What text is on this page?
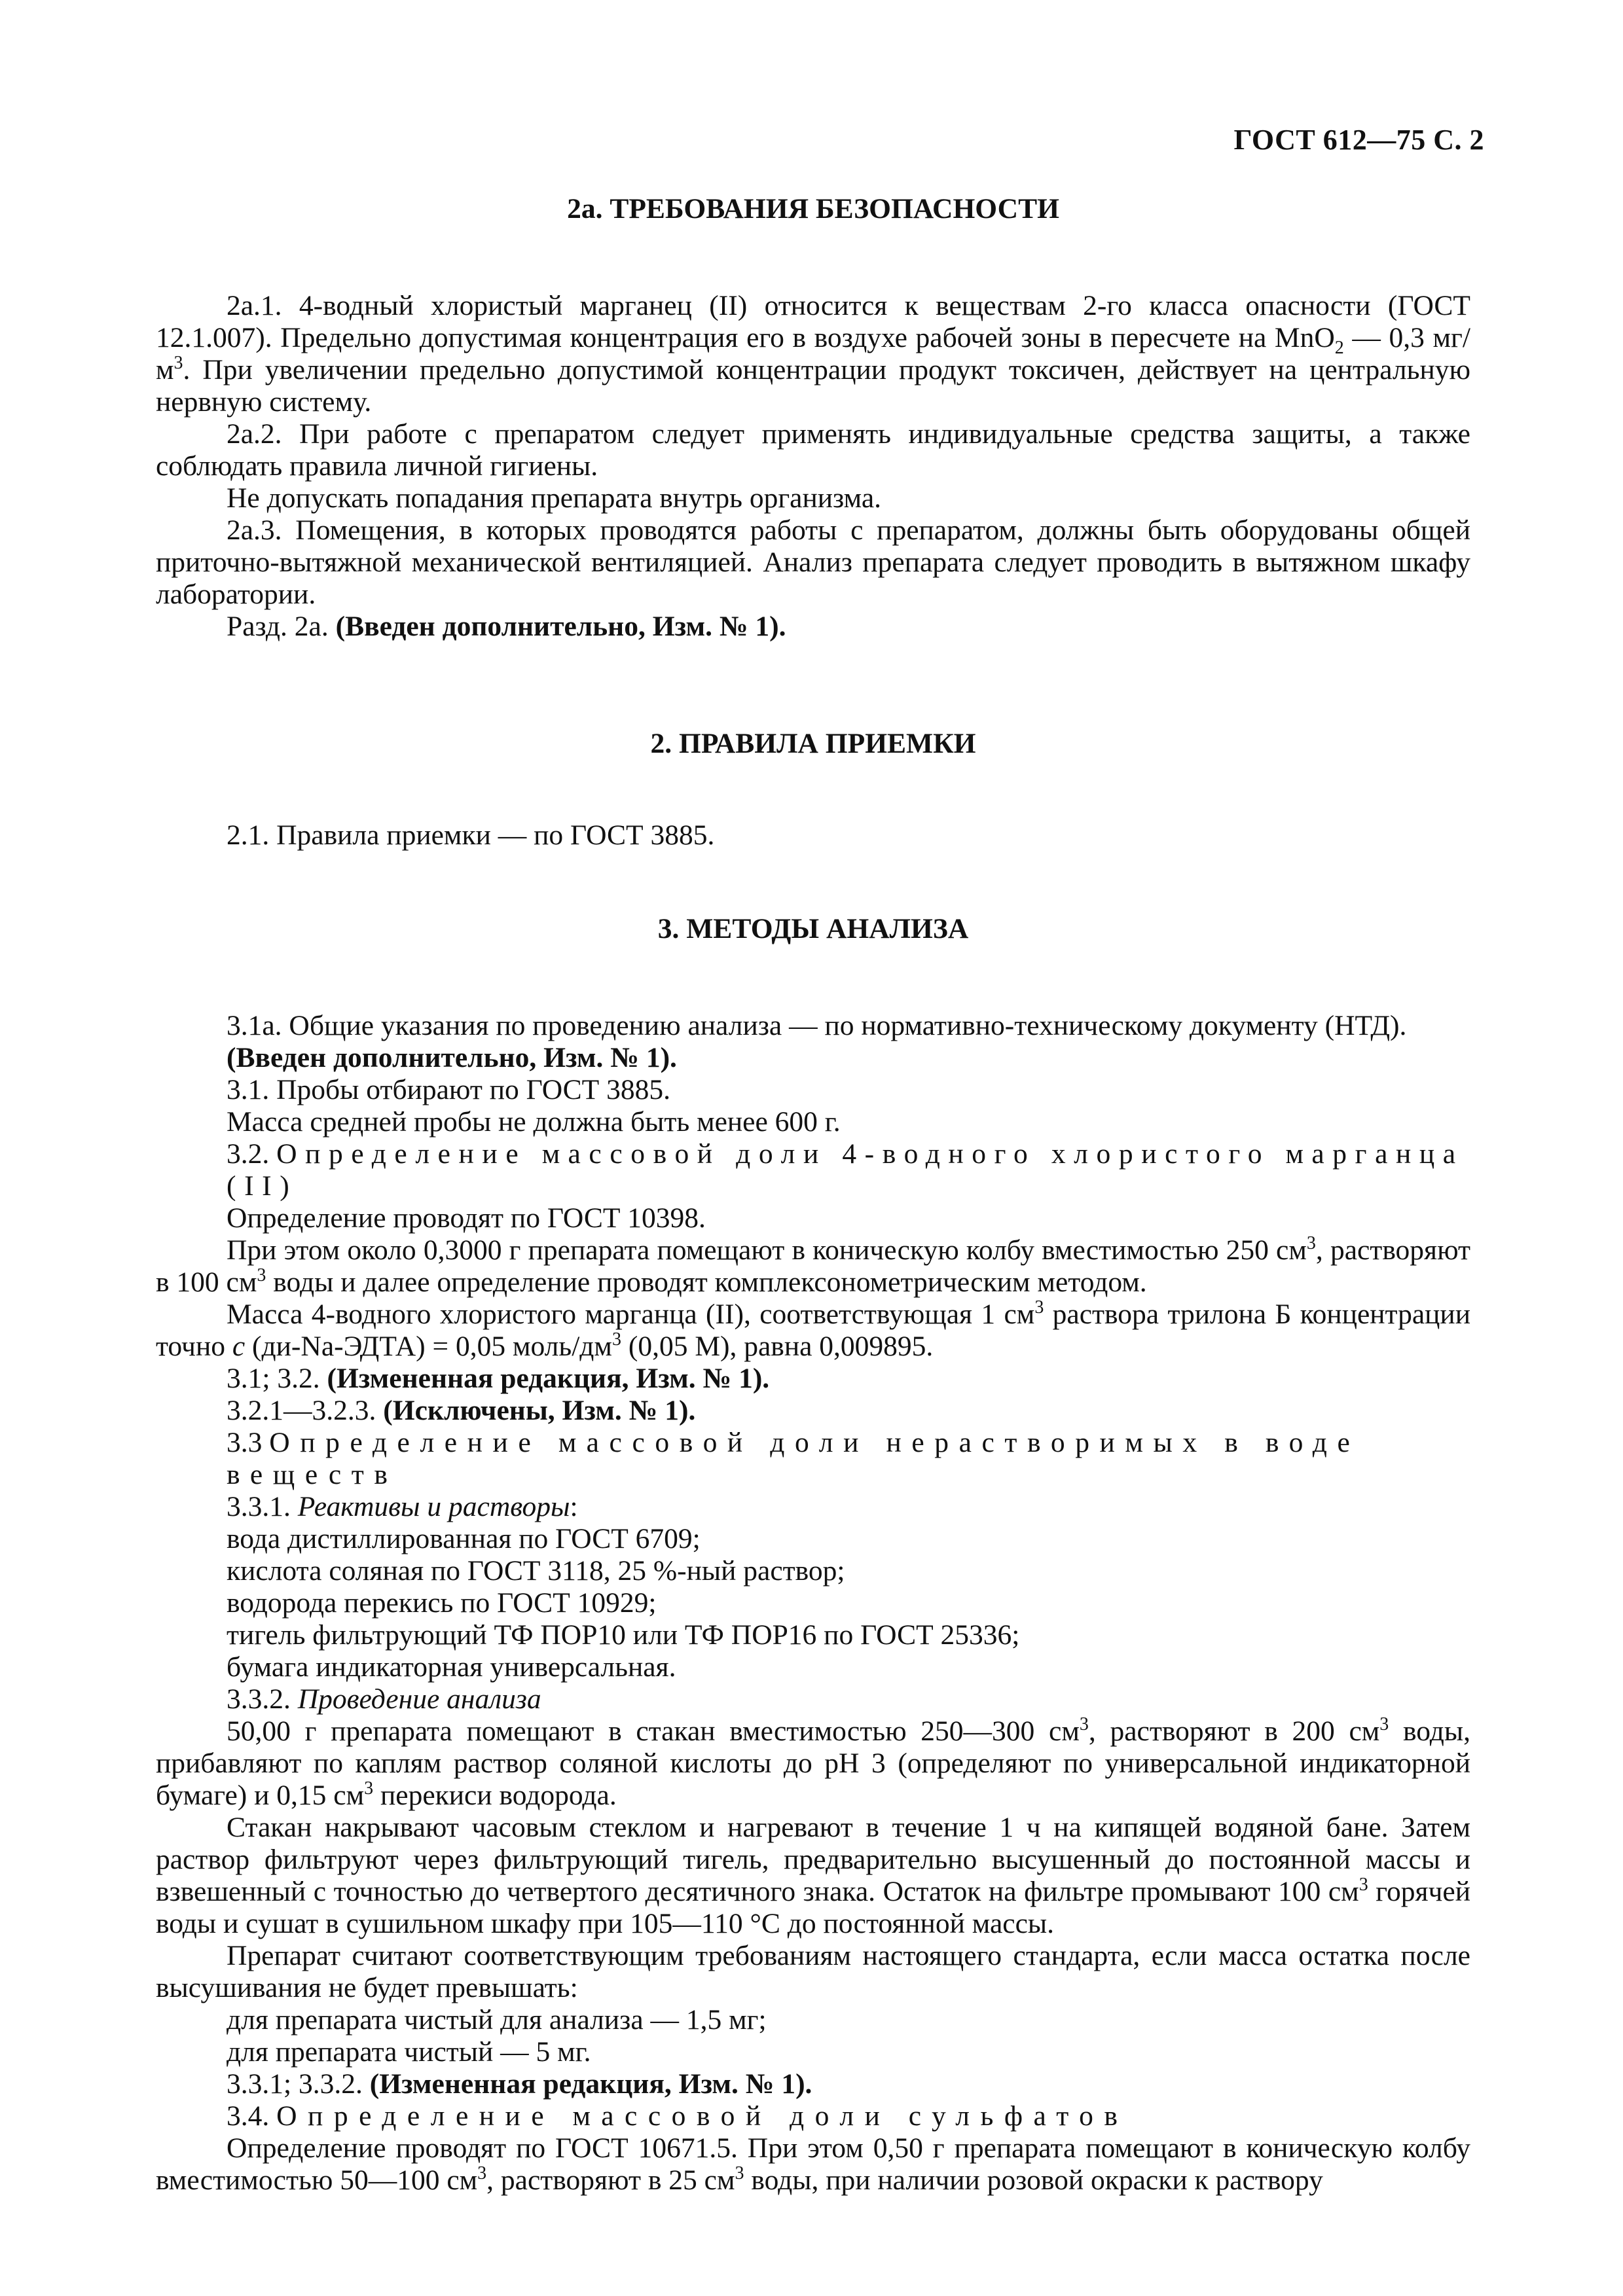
ГОСТ 612—75 С. 2
2а. ТРЕБОВАНИЯ БЕЗОПАСНОСТИ

2а.1. 4-водный хлористый марганец (II) относится к веществам 2-го класса опасности (ГОСТ 12.1.007). Предельно допустимая концентрация его в воздухе рабочей зоны в пересчете на MnO$_2$ — 0,3 $мг/м^3$. При увеличении предельно допустимой концентрации продукт токсичен, действует на центральную нервную систему.

2а.2. При работе с препаратом следует применять индивидуальные средства защиты, а также соблюдать правила личной гигиены.

Не допускать попадания препарата внутрь организма.

2а.3. Помещения, в которых проводятся работы с препаратом, должны быть оборудованы общей приточно-вытяжной механической вентиляцией. Анализ препарата следует проводить в вытяжном шкафу лаборатории.

Разд. 2а. (Введен дополнительно, Изм. № 1).

2. ПРАВИЛА ПРИЕМКИ

2.1. Правила приемки — по ГОСТ 3885.

3. МЕТОДЫ АНАЛИЗА

3.1а. Общие указания по проведению анализа — по нормативно-техническому документу (НТД).

(Введен дополнительно, Изм. № 1).

3.1. Пробы отбирают по ГОСТ 3885.

Масса средней пробы не должна быть менее 600 г.

3.2. Определение массовой доли 4-водного хлористого марганца (II)

Определение проводят по ГОСТ 10398.

При этом около 0,3000 г препарата помещают в коническую колбу вместимостью 250 $см^3$, растворяют в 100 $см^3$ воды и далее определение проводят комплексонометрическим методом.

Масса 4-водного хлористого марганца (II), соответствующая 1 $см^3$ раствора трилона Б концентрации точно с (ди-Na-ЭДТА) = 0,05 моль/$дм^3$ (0,05 М), равна 0,009895.

3.1; 3.2. (Измененная редакция, Изм. № 1).

3.2.1—3.2.3. (Исключены, Изм. № 1).

3.3 Определение массовой доли нерастворимых в воде веществ

3.3.1. Реактивы и растворы:

вода дистиллированная по ГОСТ 6709;

кислота соляная по ГОСТ 3118, 25 %-ный раствор;

водорода перекись по ГОСТ 10929;

тигель фильтрующий ТФ ПОР10 или ТФ ПОР16 по ГОСТ 25336;

бумага индикаторная универсальная.

3.3.2. Проведение анализа

50,00 г препарата помещают в стакан вместимостью 250—300 $см^3$, растворяют в 200 $см^3$ воды, прибавляют по каплям раствор соляной кислоты до pH 3 (определяют по универсальной индикаторной бумаге) и 0,15 $см^3$ перекиси водорода.

Стакан накрывают часовым стеклом и нагревают в течение 1 ч на кипящей водяной бане. Затем раствор фильтруют через фильтрующий тигель, предварительно высушенный до постоянной массы и взвешенный с точностью до четвертого десятичного знака. Остаток на фильтре промывают 100 $см^3$ горячей воды и сушат в сушильном шкафу при 105—110 °С до постоянной массы.

Препарат считают соответствующим требованиям настоящего стандарта, если масса остатка после высушивания не будет превышать:

для препарата чистый для анализа — 1,5 мг;

для препарата чистый — 5 мг.

3.3.1; 3.3.2. (Измененная редакция, Изм. № 1).

3.4. Определение массовой доли сульфатов

Определение проводят по ГОСТ 10671.5. При этом 0,50 г препарата помещают в коническую колбу вместимостью 50—100 $см^3$, растворяют в 25 $см^3$ воды, при наличии розовой окраски к раствору
